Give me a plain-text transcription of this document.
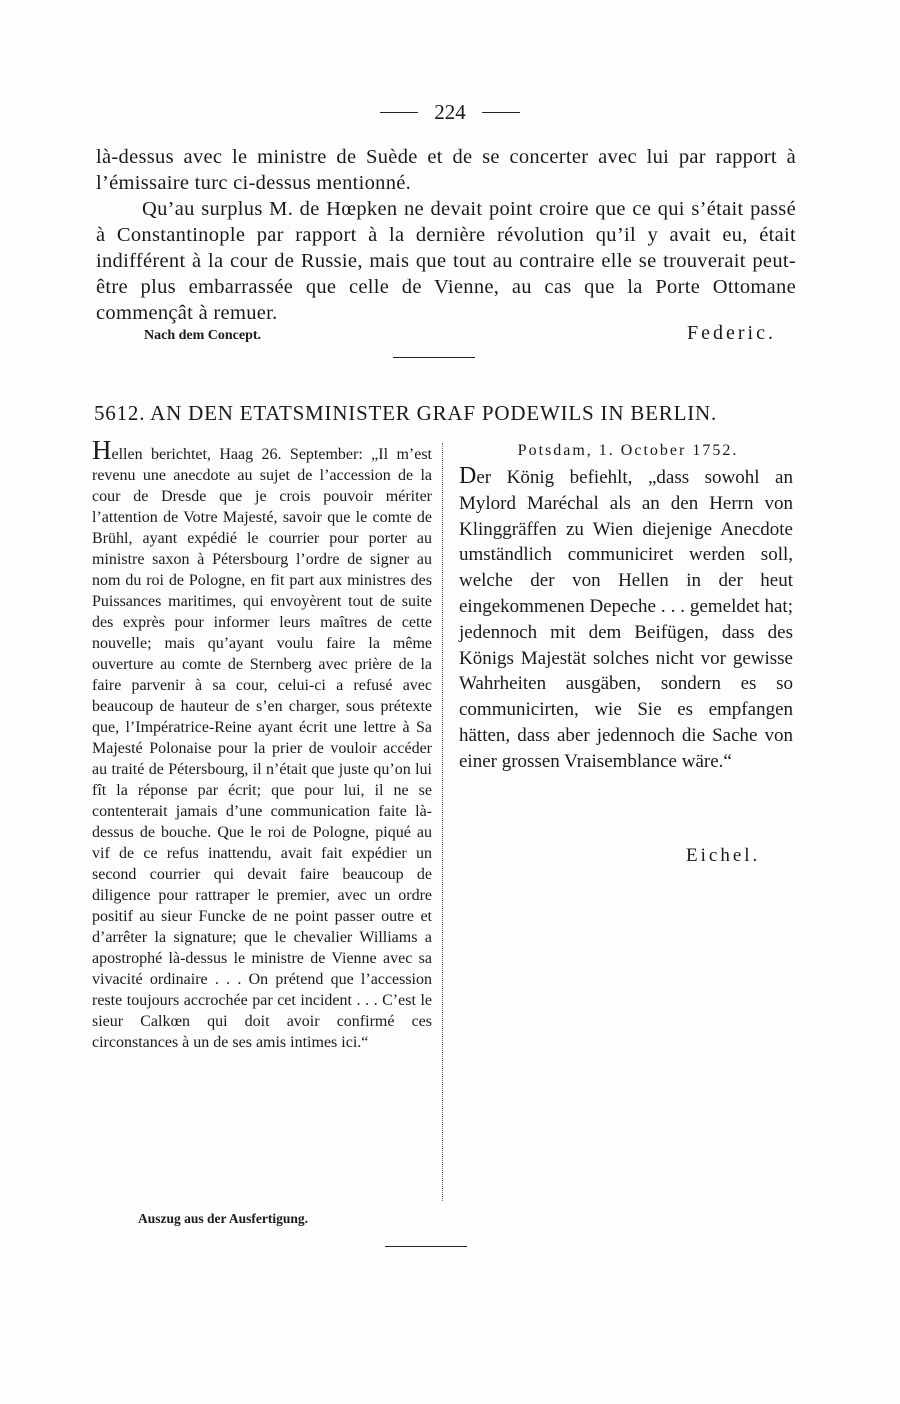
224

là-dessus avec le ministre de Suède et de se concerter avec lui par rapport à l’émissaire turc ci-dessus mentionné.

Qu’au surplus M. de Hœpken ne devait point croire que ce qui s’était passé à Constantinople par rapport à la dernière révolution qu’il y avait eu, était indifférent à la cour de Russie, mais que tout au contraire elle se trouverait peut-être plus embarrassée que celle de Vienne, au cas que la Porte Ottomane commençât à remuer.

Nach dem Concept.	Federic.
5612. AN DEN ETATSMINISTER GRAF PODEWILS IN BERLIN.
Hellen berichtet, Haag 26. September: „Il m’est revenu une anecdote au sujet de l’accession de la cour de Dresde que je crois pouvoir mériter l’attention de Votre Majesté, savoir que le comte de Brühl, ayant expédié le courrier pour porter au ministre saxon à Pétersbourg l’ordre de signer au nom du roi de Pologne, en fit part aux ministres des Puissances maritimes, qui envoyèrent tout de suite des exprès pour informer leurs maîtres de cette nouvelle; mais qu’ayant voulu faire la même ouverture au comte de Sternberg avec prière de la faire parvenir à sa cour, celui-ci a refusé avec beaucoup de hauteur de s’en charger, sous prétexte que, l’Impératrice-Reine ayant écrit une lettre à Sa Majesté Polonaise pour la prier de vouloir accéder au traité de Pétersbourg, il n’était que juste qu’on lui fît la réponse par écrit; que pour lui, il ne se contenterait jamais d’une communication faite là-dessus de bouche. Que le roi de Pologne, piqué au vif de ce refus inattendu, avait fait expédier un second courrier qui devait faire beaucoup de diligence pour rattraper le premier, avec un ordre positif au sieur Funcke de ne point passer outre et d’arrêter la signature; que le chevalier Williams a apostrophé là-dessus le ministre de Vienne avec sa vivacité ordinaire . . . On prétend que l’accession reste toujours accrochée par cet incident . . . C’est le sieur Calkœn qui doit avoir confirmé ces circonstances à un de ses amis intimes ici.“
Auszug aus der Ausfertigung.
Potsdam, 1. October 1752.
Der König befiehlt, „dass sowohl an Mylord Maréchal als an den Herrn von Klinggräffen zu Wien diejenige Anecdote umständlich communiciret werden soll, welche der von Hellen in der heut eingekommenen Depeche . . . gemeldet hat; jedennoch mit dem Beifügen, dass des Königs Majestät solches nicht vor gewisse Wahrheiten ausgäben, sondern es so communicirten, wie Sie es empfangen hätten, dass aber jedennoch die Sache von einer grossen Vraisemblance wäre.“
Eichel.
